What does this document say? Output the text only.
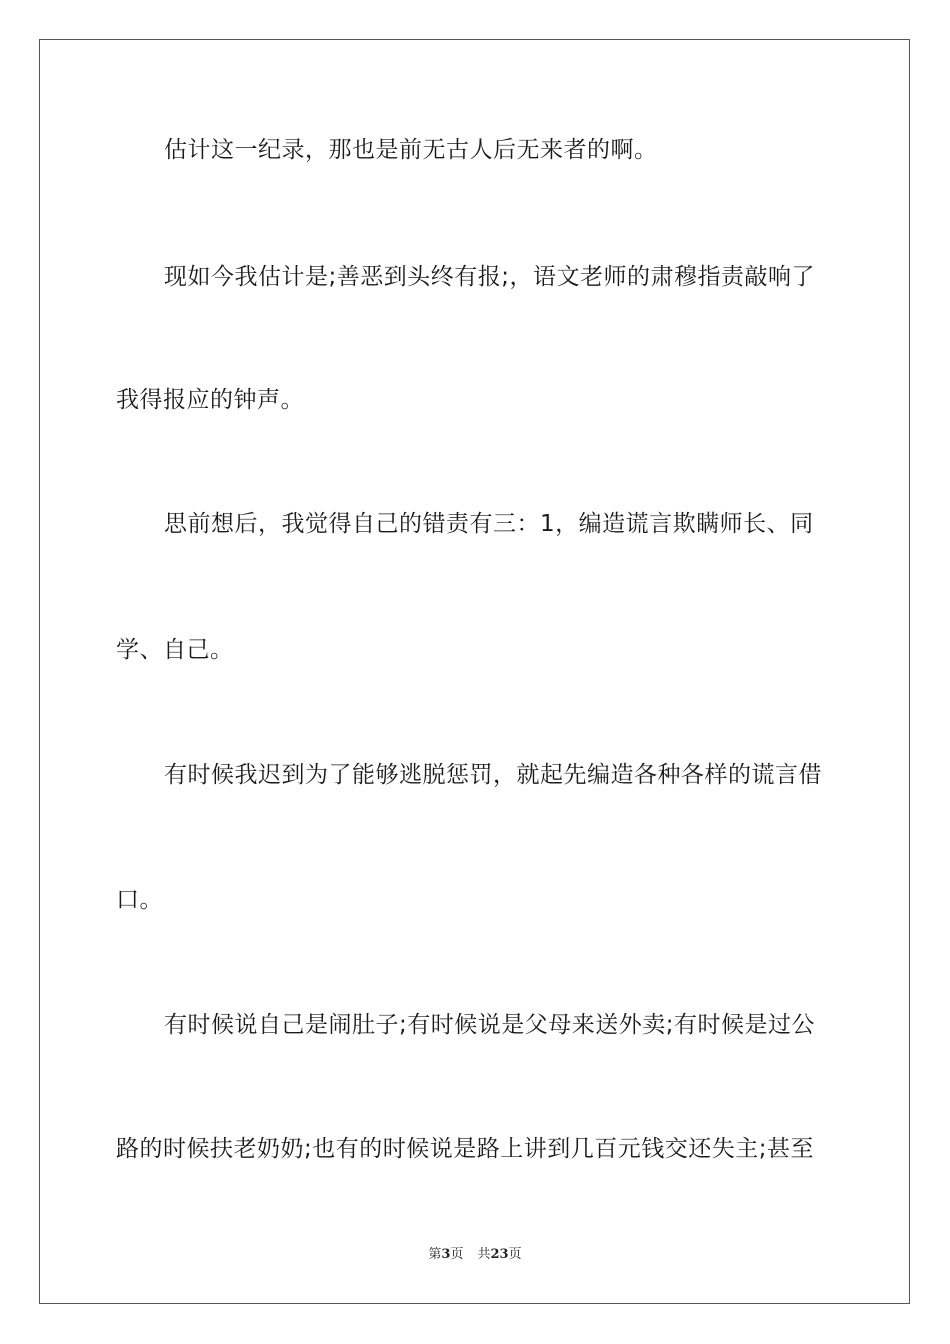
估计这一纪录，那也是前无古人后无来者的啊。
现如今我估计是;善恶到头终有报;，语文老师的肃穆指责敲响了
我得报应的钟声。
思前想后，我觉得自己的错责有三：1，编造谎言欺瞒师长、同
学、自己。
有时候我迟到为了能够逃脱惩罚，就起先编造各种各样的谎言借
口。
有时候说自己是闹肚子;有时候说是父母来送外卖;有时候是过公
路的时候扶老奶奶;也有的时候说是路上讲到几百元钱交还失主;甚至
第3页 共23页
